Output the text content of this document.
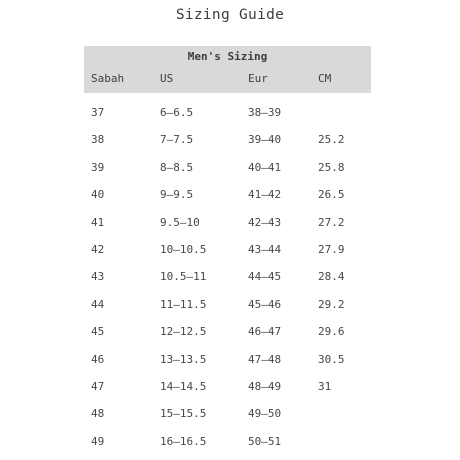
Sizing Guide
Men's Sizing
Sabah	US	Eur	CM
37	6–6.5	38–39
38	7–7.5	39–40	25.2
39	8–8.5	40–41	25.8
40	9–9.5	41–42	26.5
41	9.5–10	42–43	27.2
42	10–10.5	43–44	27.9
43	10.5–11	44–45	28.4
44	11–11.5	45–46	29.2
45	12–12.5	46–47	29.6
46	13–13.5	47–48	30.5
47	14–14.5	48–49	31
48	15–15.5	49–50
49	16–16.5	50–51
